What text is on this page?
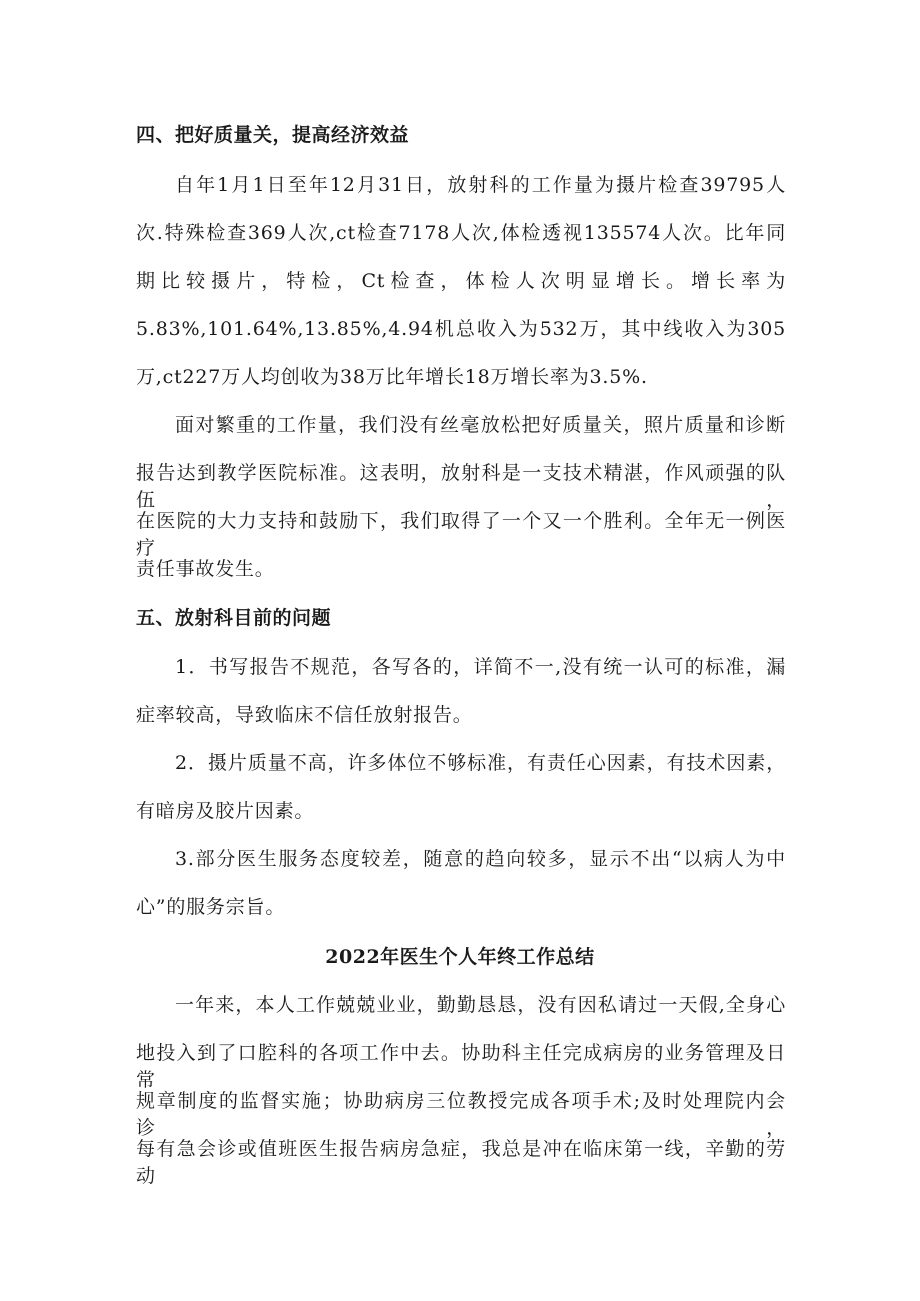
四、把好质量关，提高经济效益
自年1月1日至年12月31日，放射科的工作量为摄片检查39795人
次.特殊检查369人次,ct检查7178人次,体检透视135574人次。比年同
期比较摄片，特检，Ct检查，体检人次明显增长。增长率为
5.83%,101.64%,13.85%,4.94机总收入为532万，其中线收入为305
万,ct227万人均创收为38万比年增长18万增长率为3.5%.
面对繁重的工作量，我们没有丝毫放松把好质量关，照片质量和诊断
报告达到教学医院标准。这表明，放射科是一支技术精湛，作风顽强的队伍，
在医院的大力支持和鼓励下，我们取得了一个又一个胜利。全年无一例医疗
责任事故发生。
五、放射科目前的问题
1．书写报告不规范，各写各的，详简不一,没有统一认可的标准，漏
症率较高，导致临床不信任放射报告。
2．摄片质量不高，许多体位不够标准，有责任心因素，有技术因素，
有暗房及胶片因素。
3.部分医生服务态度较差，随意的趋向较多，显示不出“以病人为中
心”的服务宗旨。
2022年医生个人年终工作总结
一年来，本人工作兢兢业业，勤勤恳恳，没有因私请过一天假,全身心
地投入到了口腔科的各项工作中去。协助科主任完成病房的业务管理及日常
规章制度的监督实施；协助病房三位教授完成各项手术;及时处理院内会诊，
每有急会诊或值班医生报告病房急症，我总是冲在临床第一线，辛勤的劳动
